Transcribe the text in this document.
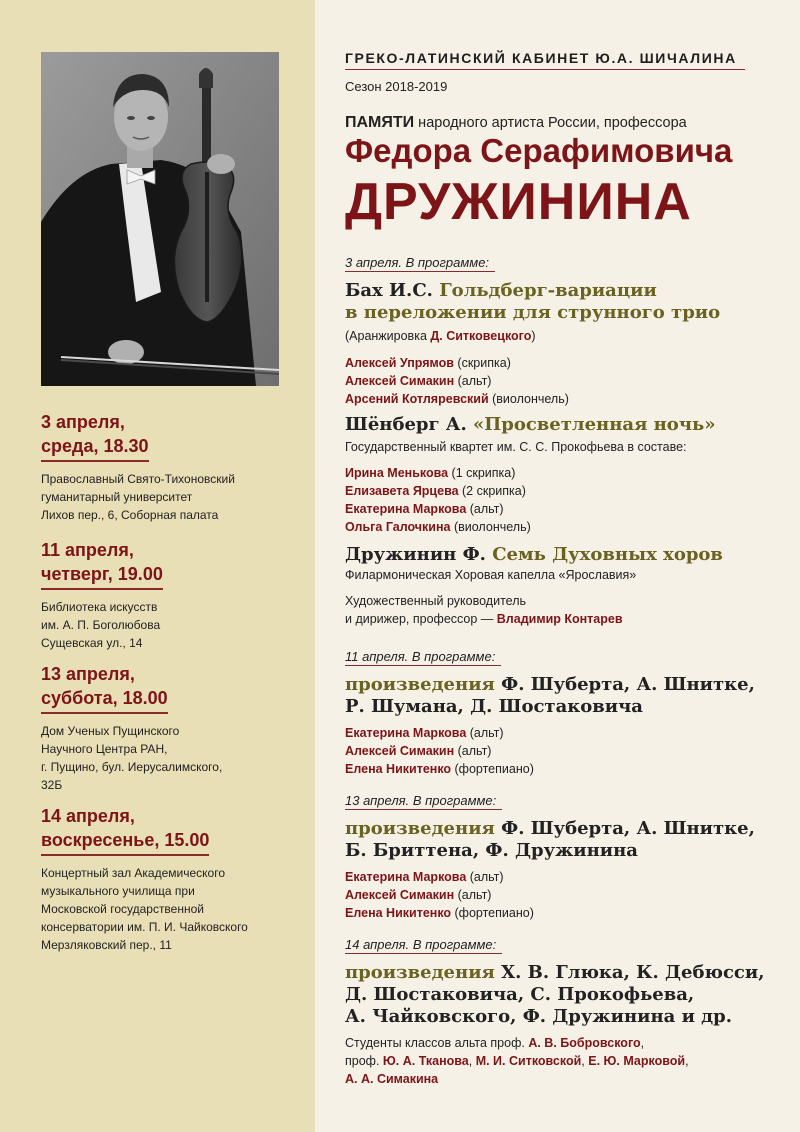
3 апреля,
среда, 18.30
Православный Свято-Тихоновский
гуманитарный университет
Лихов пер., 6, Соборная палата
11 апреля,
четверг, 19.00
Библиотека искусств
им. А. П. Боголюбова
Сущевская ул., 14
13 апреля,
суббота, 18.00
Дом Ученых Пущинского
Научного Центра РАН,
г. Пущино, бул. Иерусалимского,
32Б
14 апреля,
воскресенье, 15.00
Концертный зал Академического
музыкального училища при
Московской государственной
консерватории им. П. И. Чайковского
Мерзляковский пер., 11
ГРЕКО-ЛАТИНСКИЙ КАБИНЕТ Ю.А. ШИЧАЛИНА
Сезон 2018-2019
ПАМЯТИ народного артиста России, профессора
Федора Серафимовича
ДРУЖИНИНА
3 апреля. В программе:
Бах И.С. Гольдберг-вариации
в переложении для струнного трио
(Аранжировка Д. Ситковецкого)
Алексей Упрямов (скрипка)
Алексей Симакин (альт)
Арсений Котляревский (виолончель)
Шёнберг А. «Просветленная ночь»
Государственный квартет им. С. С. Прокофьева в составе:
Ирина Менькова (1 скрипка)
Елизавета Ярцева (2 скрипка)
Екатерина Маркова (альт)
Ольга Галочкина (виолончель)
Дружинин Ф. Семь Духовных хоров
Филармоническая Хоровая капелла «Ярославия»
Художественный руководитель
и дирижер, профессор — Владимир Контарев
11 апреля. В программе:
произведения Ф. Шуберта, А. Шнитке,
Р. Шумана, Д. Шостаковича
Екатерина Маркова (альт)
Алексей Симакин (альт)
Елена Никитенко (фортепиано)
13 апреля. В программе:
произведения Ф. Шуберта, А. Шнитке,
Б. Бриттена, Ф. Дружинина
Екатерина Маркова (альт)
Алексей Симакин (альт)
Елена Никитенко (фортепиано)
14 апреля. В программе:
произведения Х. В. Глюка, К. Дебюсси,
Д. Шостаковича, С. Прокофьева,
А. Чайковского, Ф. Дружинина и др.
Студенты классов альта проф. А. В. Бобровского,
проф. Ю. А. Тканова, М. И. Ситковской, Е. Ю. Марковой,
А. А. Симакина
